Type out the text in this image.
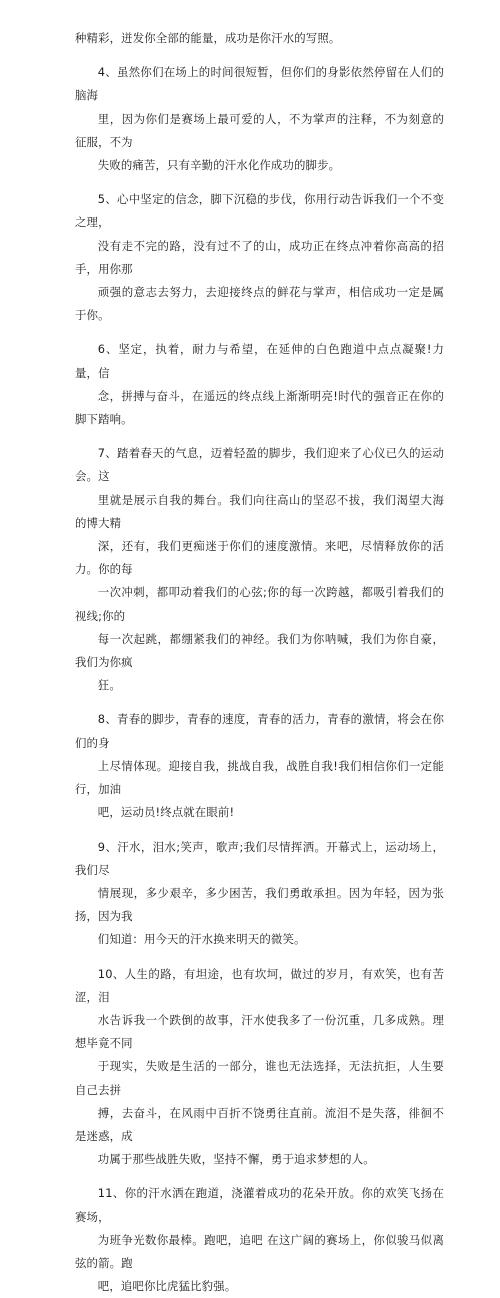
种精彩，迸发你全部的能量，成功是你汗水的写照。

4、虽然你们在场上的时间很短暂，但你们的身影依然停留在人们的脑海
里，因为你们是赛场上最可爱的人，不为掌声的注释，不为刻意的征服，不为
失败的痛苦，只有辛勤的汗水化作成功的脚步。

5、心中坚定的信念，脚下沉稳的步伐，你用行动告诉我们一个不变之理，
没有走不完的路，没有过不了的山，成功正在终点冲着你高高的招手，用你那
顽强的意志去努力，去迎接终点的鲜花与掌声，相信成功一定是属于你。

6、坚定，执着，耐力与希望，在延伸的白色跑道中点点凝聚!力量，信
念，拼搏与奋斗，在遥远的终点线上渐渐明亮!时代的强音正在你的脚下踏响。

7、踏着春天的气息，迈着轻盈的脚步，我们迎来了心仪已久的运动会。这
里就是展示自我的舞台。我们向往高山的坚忍不拔，我们渴望大海的博大精
深，还有，我们更痴迷于你们的速度激情。来吧，尽情释放你的活力。你的每
一次冲刺，都叩动着我们的心弦;你的每一次跨越，都吸引着我们的视线;你的
每一次起跳，都绷紧我们的神经。我们为你呐喊，我们为你自豪，我们为你疯
狂。

8、青春的脚步，青春的速度，青春的活力，青春的激情，将会在你们的身
上尽情体现。迎接自我，挑战自我，战胜自我!我们相信你们一定能行，加油
吧，运动员!终点就在眼前!

9、汗水，泪水;笑声，歌声;我们尽情挥洒。开幕式上，运动场上，我们尽
情展现，多少艰辛，多少困苦，我们勇敢承担。因为年轻，因为张扬，因为我
们知道：用今天的汗水换来明天的微笑。

10、人生的路，有坦途，也有坎坷，做过的岁月，有欢笑，也有苦涩，泪
水告诉我一个跌倒的故事，汗水使我多了一份沉重，几多成熟。理想毕竟不同
于现实，失败是生活的一部分，谁也无法选择，无法抗拒，人生要自己去拼
搏，去奋斗，在风雨中百折不饶勇往直前。流泪不是失落，徘徊不是迷惑，成
功属于那些战胜失败，坚持不懈，勇于追求梦想的人。

11、你的汗水洒在跑道，浇灌着成功的花朵开放。你的欢笑飞扬在赛场，
为班争光数你最棒。跑吧，追吧 在这广阔的赛场上，你似骏马似离弦的箭。跑
吧，追吧你比虎猛比豹强。
